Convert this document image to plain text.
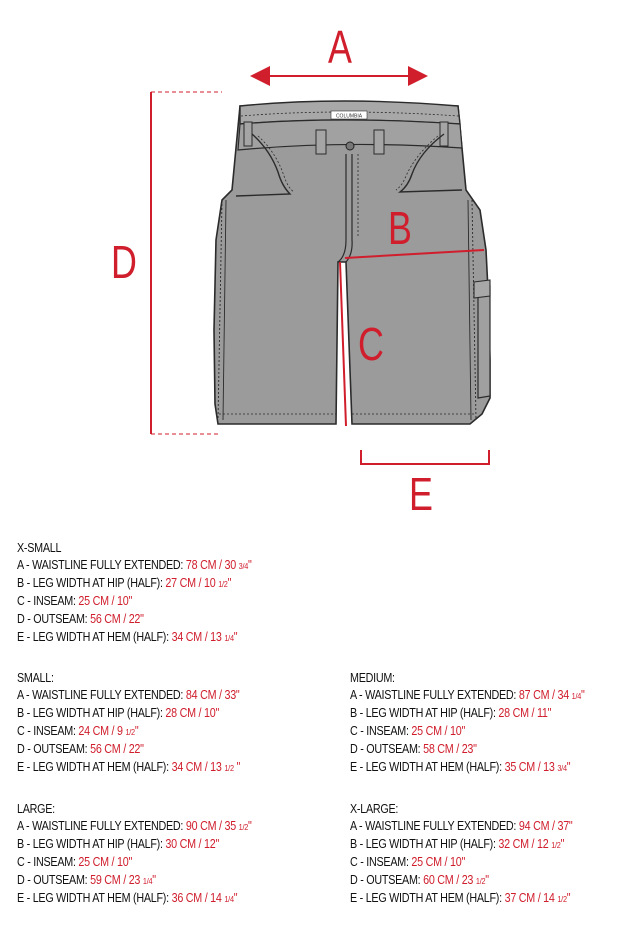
COLUMBIA
A
B
C
D
E
X-SMALL
A - WAISTLINE FULLY EXTENDED: 78 CM / 30 3/4"
B - LEG WIDTH AT HIP (HALF): 27 CM / 10 1/2"
C - INSEAM: 25 CM / 10"
D - OUTSEAM: 56 CM / 22"
E - LEG WIDTH AT HEM (HALF): 34 CM / 13 1/4"
SMALL:
A - WAISTLINE FULLY EXTENDED: 84 CM / 33"
B - LEG WIDTH AT HIP (HALF): 28 CM / 10"
C - INSEAM: 24 CM / 9 1/2"
D - OUTSEAM: 56 CM / 22"
E - LEG WIDTH AT HEM (HALF): 34 CM / 13 1/2 "
MEDIUM:
A - WAISTLINE FULLY EXTENDED: 87 CM / 34 1/4"
B - LEG WIDTH AT HIP (HALF): 28 CM / 11"
C - INSEAM: 25 CM / 10"
D - OUTSEAM: 58 CM / 23"
E - LEG WIDTH AT HEM (HALF): 35 CM / 13 3/4"
LARGE:
A - WAISTLINE FULLY EXTENDED: 90 CM / 35 1/2"
B - LEG WIDTH AT HIP (HALF): 30 CM / 12"
C - INSEAM: 25 CM / 10"
D - OUTSEAM: 59 CM / 23 1/4"
E - LEG WIDTH AT HEM (HALF): 36 CM / 14 1/4"
X-LARGE:
A - WAISTLINE FULLY EXTENDED: 94 CM / 37"
B - LEG WIDTH AT HIP (HALF): 32 CM / 12 1/2"
C - INSEAM: 25 CM / 10"
D - OUTSEAM: 60 CM / 23 1/2"
E - LEG WIDTH AT HEM (HALF): 37 CM / 14 1/2"
